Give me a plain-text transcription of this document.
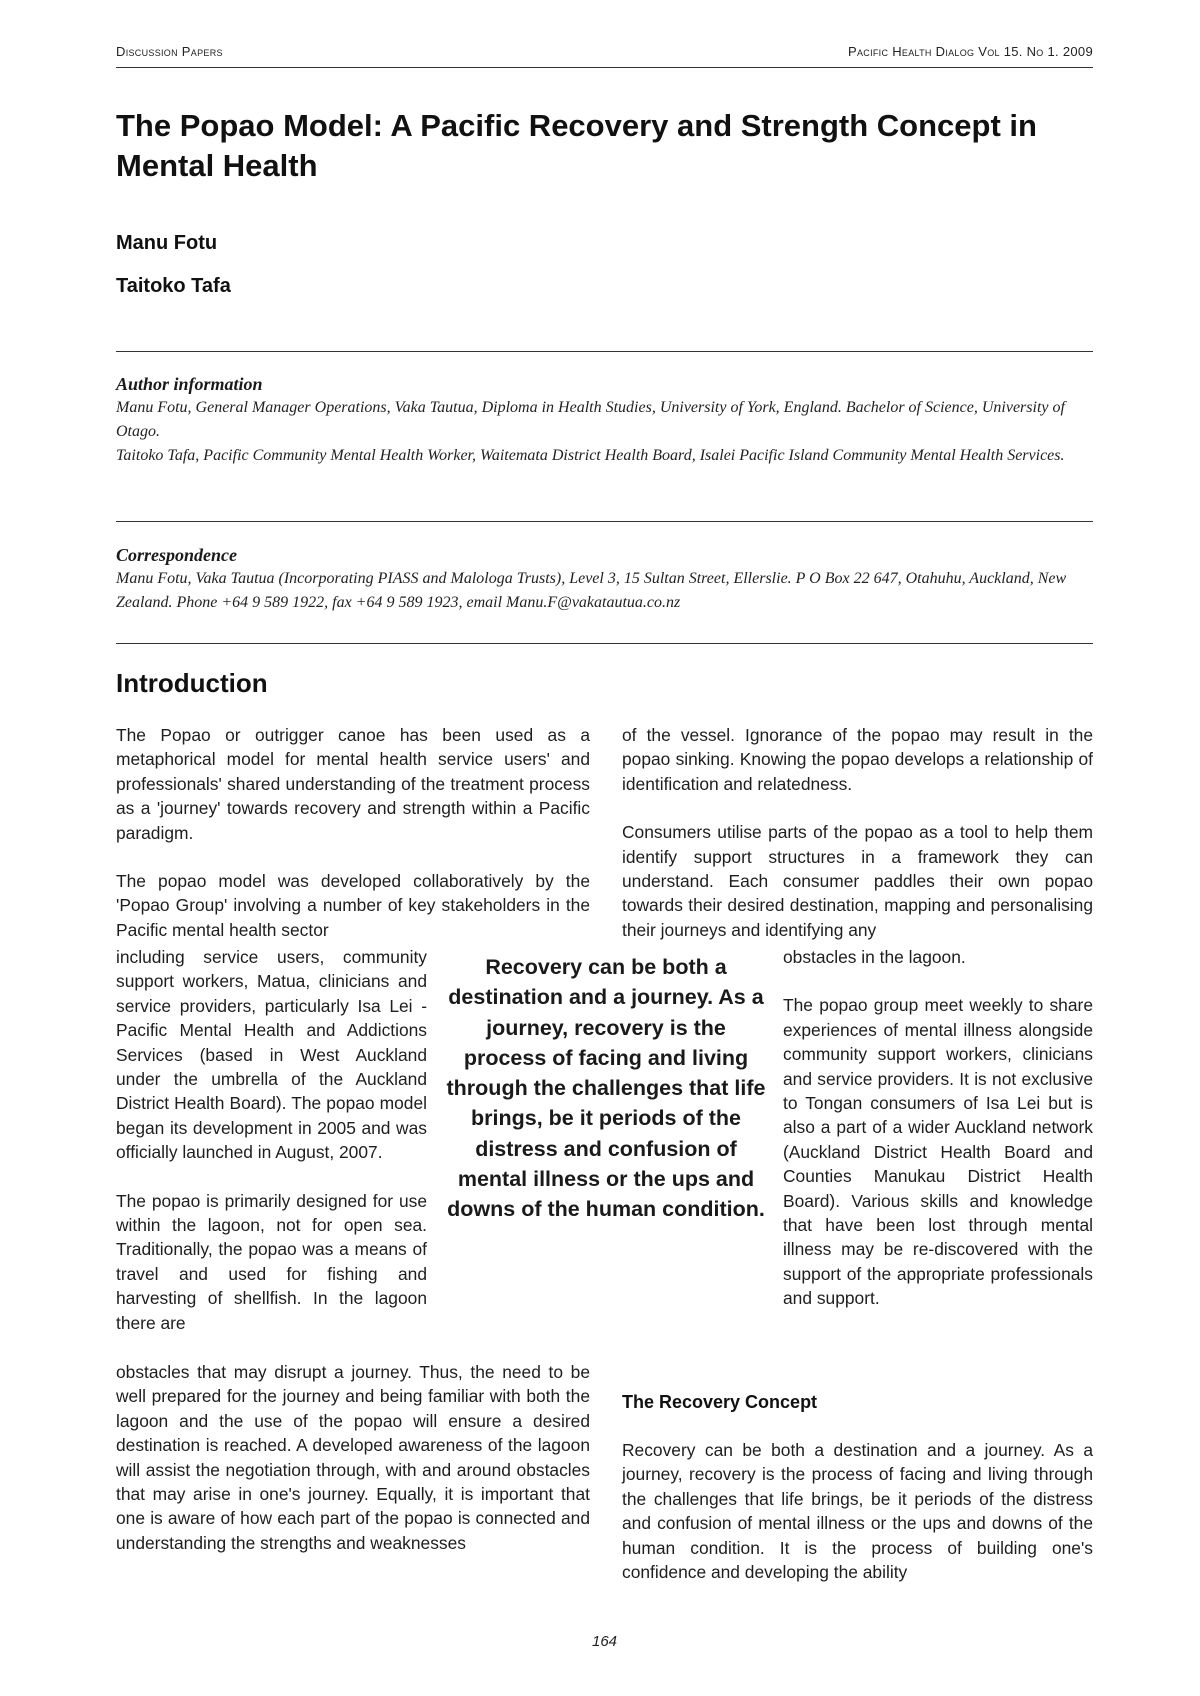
Discussion Papers	Pacific Health Dialog Vol 15. No 1. 2009
The Popao Model: A Pacific Recovery and Strength Concept in Mental Health

Manu Fotu

Taitoko Tafa

Author information

Manu Fotu, General Manager Operations, Vaka Tautua, Diploma in Health Studies, University of York, England. Bachelor of Science, University of Otago.

Taitoko Tafa, Pacific Community Mental Health Worker, Waitemata District Health Board, Isalei Pacific Island Community Mental Health Services.

Correspondence

Manu Fotu, Vaka Tautua (Incorporating PIASS and Malologa Trusts), Level 3, 15 Sultan Street, Ellerslie. P O Box 22 647, Otahuhu, Auckland, New Zealand. Phone +64 9 589 1922, fax +64 9 589 1923, email Manu.F@vakatautua.co.nz

Introduction

The Popao or outrigger canoe has been used as a metaphorical model for mental health service users' and professionals' shared understanding of the treatment process as a 'journey' towards recovery and strength within a Pacific paradigm.

The popao model was developed collaboratively by the 'Popao Group' involving a number of key stakeholders in the Pacific mental health sector

including service users, community support workers, Matua, clinicians and service providers, particularly Isa Lei - Pacific Mental Health and Addictions Services (based in West Auckland under the umbrella of the Auckland District Health Board). The popao model began its development in 2005 and was officially launched in August, 2007.

The popao is primarily designed for use within the lagoon, not for open sea. Traditionally, the popao was a means of travel and used for fishing and harvesting of shellfish. In the lagoon there are

obstacles that may disrupt a journey. Thus, the need to be well prepared for the journey and being familiar with both the lagoon and the use of the popao will ensure a desired destination is reached. A developed awareness of the lagoon will assist the negotiation through, with and around obstacles that may arise in one's journey. Equally, it is important that one is aware of how each part of the popao is connected and understanding the strengths and weaknesses

of the vessel. Ignorance of the popao may result in the popao sinking. Knowing the popao develops a relationship of identification and relatedness.

Consumers utilise parts of the popao as a tool to help them identify support structures in a framework they can understand. Each consumer paddles their own popao towards their desired destination, mapping and personalising their journeys and identifying any

obstacles in the lagoon.

The popao group meet weekly to share experiences of mental illness alongside community support workers, clinicians and service providers. It is not exclusive to Tongan consumers of Isa Lei but is also a part of a wider Auckland network (Auckland District Health Board and Counties Manukau District Health Board). Various skills and knowledge that have been lost through mental illness may be re-discovered with the support of the appropriate professionals and support.

The Recovery Concept

Recovery can be both a destination and a journey. As a journey, recovery is the process of facing and living through the challenges that life brings, be it periods of the distress and confusion of mental illness or the ups and downs of the human condition. It is the process of building one's confidence and developing the ability

Recovery can be both a destination and a journey. As a journey, recovery is the process of facing and living through the challenges that life brings, be it periods of the distress and confusion of mental illness or the ups and downs of the human condition.

164
